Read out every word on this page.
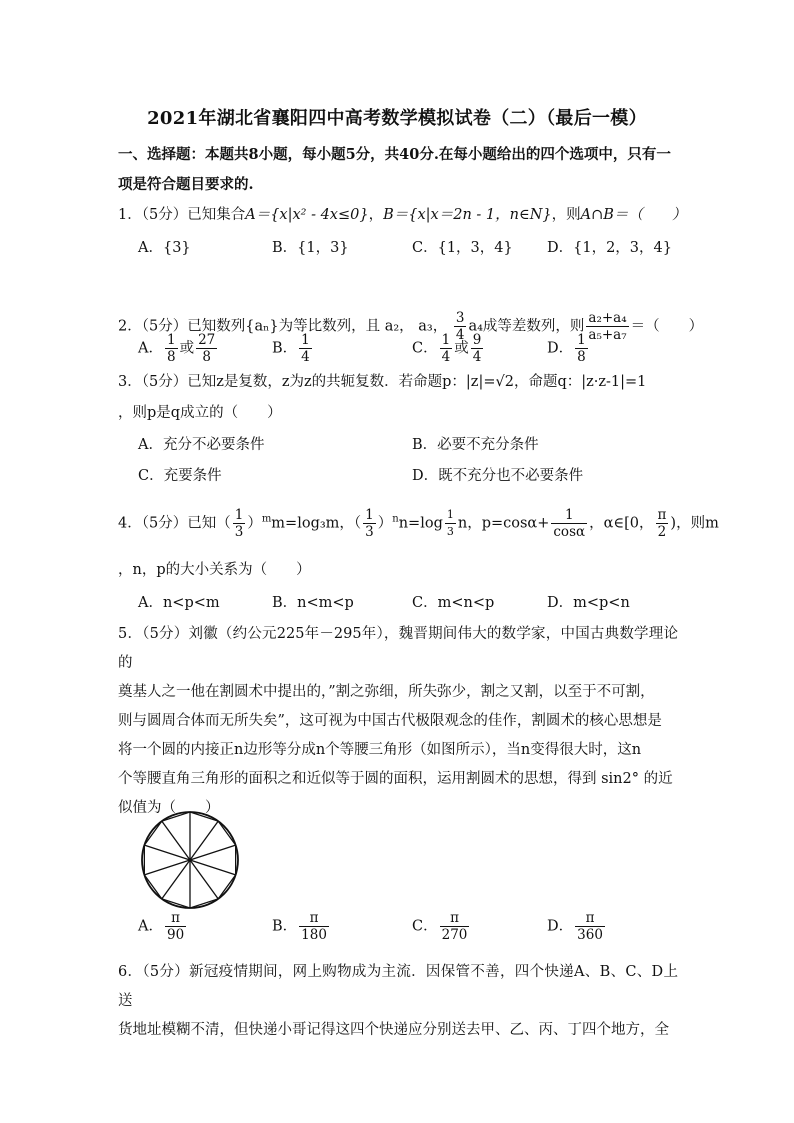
2021年湖北省襄阳四中高考数学模拟试卷（二）（最后一模）
一、选择题：本题共8小题，每小题5分，共40分.在每小题给出的四个选项中，只有一项是符合题目要求的.
1．（5分）已知集合A＝{x|x² - 4x≤0}，B＝{x|x＝2n - 1，n∈N}，则A∩B＝（　　）
A．{3}	B．{1，3}	C．{1，3，4} D．{1，2，3，4}
2．（5分）已知数列{aₙ}为等比数列，且 a₂， a₃， $\frac{3}{4} a_4$成等差数列，则 $\frac{\text{a₂+a₄}}{\text{a₅+a₇}}$ ＝（　　）
A． $\frac{1}{8}$ 或 $\frac{27}{8}$	B． $\frac{1}{4}$	C． $\frac{1}{4}$ 或 $\frac{9}{4}$	D． $\frac{1}{8}$
3．（5分）已知z是复数，z为z的共轭复数．若命题p：|z|=√2，命题q：|z·z-1|=1
，则p是q成立的（　　）
A．充分不必要条件	B．必要不充分条件
C．充要条件	D．既不充分也不必要条件
4．（5分）已知（ $\frac{1}{3} )^mm=\log_3m$，（ $\frac{1}{3} )^nn=\log \frac{1}{3}$ n，$p=\cos\alpha+ \frac{1}{\cos\alpha}$ ，α∈[0， $\frac{\pi}{2}$ )，则m
，n，p的大小关系为（　　）
A．n<p<m	B．n<m<p	C．m<n<p	D．m<p<n
5．（5分）刘徽（约公元225年－295年），魏晋期间伟大的数学家，中国古典数学理论的
奠基人之一他在割圆术中提出的，”割之弥细，所失弥少，割之又割，以至于不可割，
则与圆周合体而无所失矣”，这可视为中国古代极限观念的佳作，割圆术的核心思想是
将一个圆的内接正n边形等分成n个等腰三角形（如图所示），当n变得很大时，这n
个等腰直角三角形的面积之和近似等于圆的面积，运用割圆术的思想，得到 sin2° 的近
似值为（　　）
A． $\frac{\pi}{90}$	B． $\frac{\pi}{180}$	C． $\frac{\pi}{270}$	D． $\frac{\pi}{360}$
6．（5分）新冠疫情期间，网上购物成为主流．因保管不善，四个快递A、B、C、D上送
货地址模糊不清，但快递小哥记得这四个快递应分别送去甲、乙、丙、丁四个地方，全
